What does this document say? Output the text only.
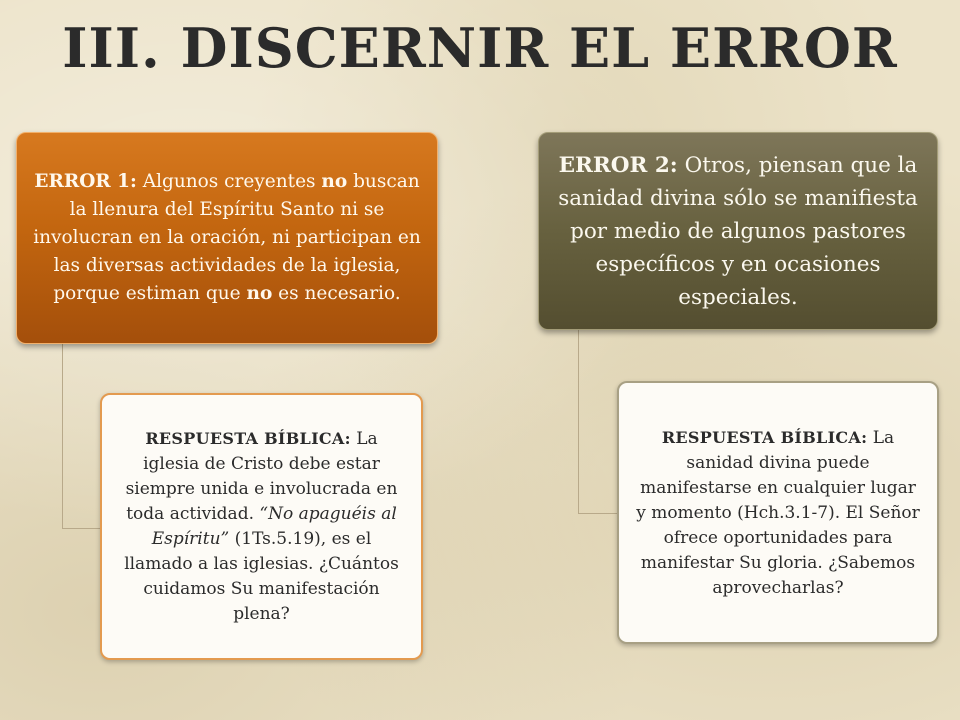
III. DISCERNIR EL ERROR

ERROR 1: Algunos creyentes no buscan la llenura del Espíritu Santo ni se involucran en la oración, ni participan en las diversas actividades de la iglesia, porque estiman que no es necesario.

ERROR 2: Otros, piensan que la sanidad divina sólo se manifiesta por medio de algunos pastores específicos y en ocasiones especiales.

RESPUESTA BÍBLICA: La iglesia de Cristo debe estar siempre unida e involucrada en toda actividad. “No apaguéis al Espíritu” (1Ts.5.19), es el llamado a las iglesias. ¿Cuántos cuidamos Su manifestación plena?

RESPUESTA BÍBLICA: La sanidad divina puede manifestarse en cualquier lugar y momento (Hch.3.1-7). El Señor ofrece oportunidades para manifestar Su gloria. ¿Sabemos aprovecharlas?
